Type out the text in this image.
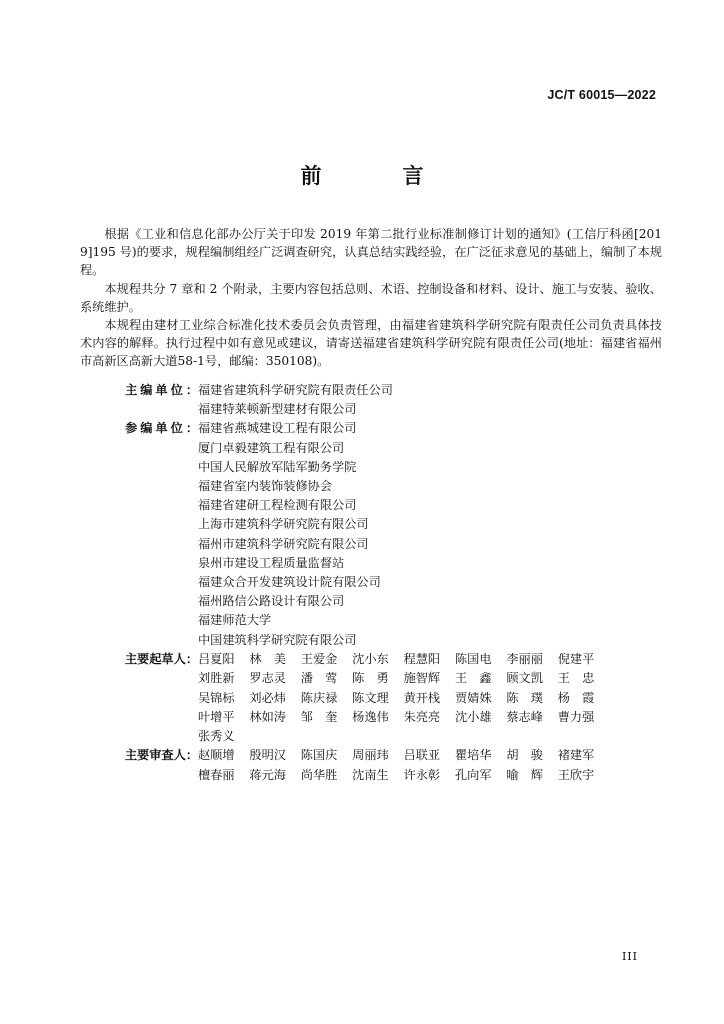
JC/T 60015—2022
前　言

根据《工业和信息化部办公厅关于印发 2019 年第二批行业标准制修订计划的通知》(工信厅科函[2019]195 号)的要求，规程编制组经广泛调查研究，认真总结实践经验，在广泛征求意见的基础上，编制了本规程。

本规程共分 7 章和 2 个附录，主要内容包括总则、术语、控制设备和材料、设计、施工与安装、验收、系统维护。

本规程由建材工业综合标准化技术委员会负责管理，由福建省建筑科学研究院有限责任公司负责具体技术内容的解释。执行过程中如有意见或建议，请寄送福建省建筑科学研究院有限责任公司(地址：福建省福州市高新区高新大道58-1号，邮编：350108)。

主编单位： 福建省建筑科学研究院有限责任公司
福建特莱顿新型建材有限公司
参编单位： 福建省燕城建设工程有限公司
厦门卓毅建筑工程有限公司
中国人民解放军陆军勤务学院
福建省室内装饰装修协会
福建省建研工程检测有限公司
上海市建筑科学研究院有限公司
福州市建筑科学研究院有限公司
泉州市建设工程质量监督站
福建众合开发建筑设计院有限公司
福州路信公路设计有限公司
福建师范大学
中国建筑科学研究院有限公司
主要起草人： 吕夏阳	林　美	王爱金	沈小东	程慧阳	陈国电	李丽丽	倪建平
刘胜新	罗志灵	潘　莺	陈　勇	施智辉	王　鑫	顾文凯	王　忠
吴锦标	刘必炜	陈庆禄	陈文理	黄开栈	贾婧姝	陈　璞	杨　霞
叶增平	林如涛	邹　奎	杨逸伟	朱亮亮	沈小雄	蔡志峰	曹力强
张秀义
主要审查人： 赵顺增	殷明汉	陈国庆	周丽玮	吕联亚	瞿培华	胡　骏	褚建军
檀春丽	蒋元海	尚华胜	沈南生	许永彰	孔向军	喻　辉	王欣宇
III
